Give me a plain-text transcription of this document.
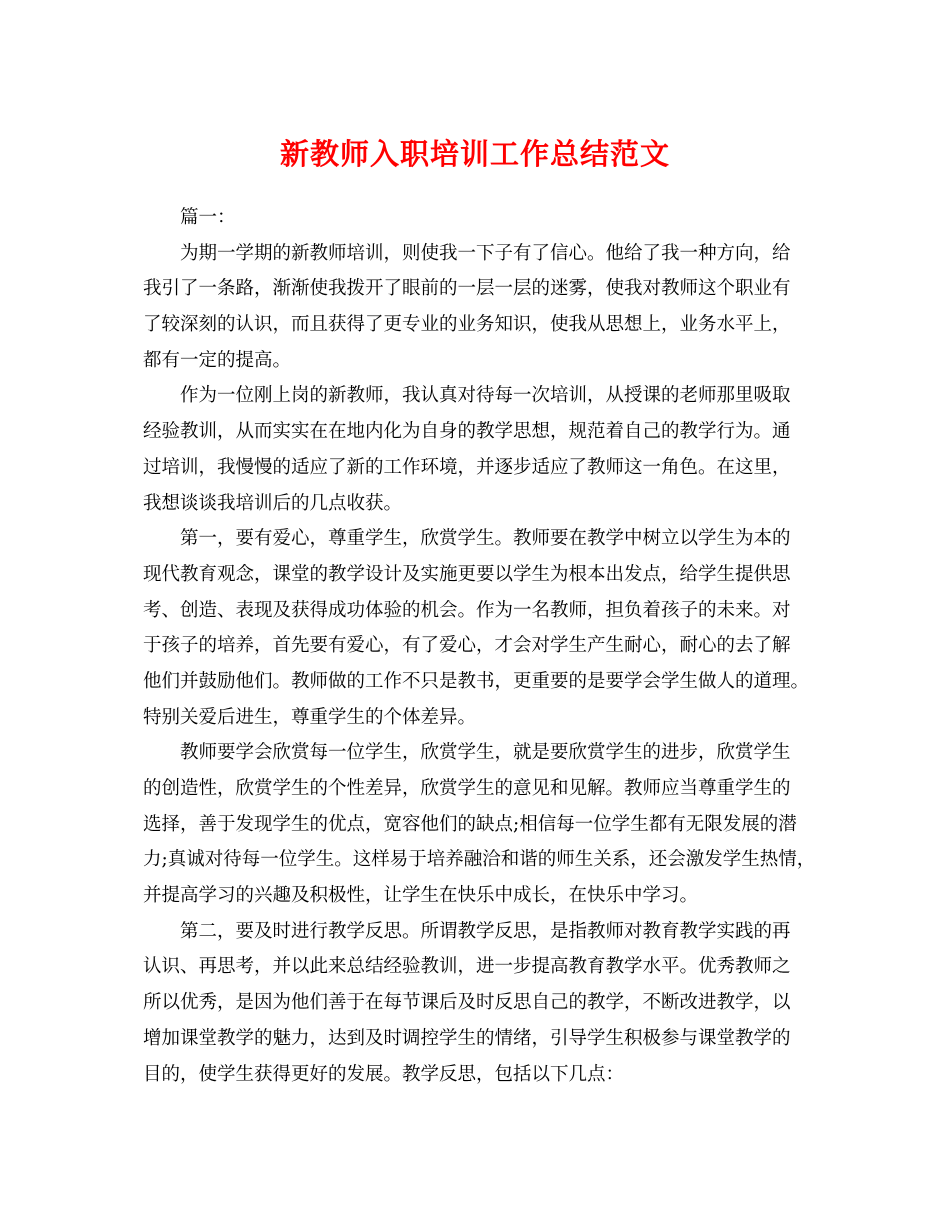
新教师入职培训工作总结范文
篇一：
为期一学期的新教师培训，则使我一下子有了信心。他给了我一种方向，给
我引了一条路，渐渐使我拨开了眼前的一层一层的迷雾，使我对教师这个职业有
了较深刻的认识，而且获得了更专业的业务知识，使我从思想上，业务水平上，
都有一定的提高。
作为一位刚上岗的新教师，我认真对待每一次培训，从授课的老师那里吸取
经验教训，从而实实在在地内化为自身的教学思想，规范着自己的教学行为。通
过培训，我慢慢的适应了新的工作环境，并逐步适应了教师这一角色。在这里，
我想谈谈我培训后的几点收获。
第一，要有爱心，尊重学生，欣赏学生。教师要在教学中树立以学生为本的
现代教育观念，课堂的教学设计及实施更要以学生为根本出发点，给学生提供思
考、创造、表现及获得成功体验的机会。作为一名教师，担负着孩子的未来。对
于孩子的培养，首先要有爱心，有了爱心，才会对学生产生耐心，耐心的去了解
他们并鼓励他们。教师做的工作不只是教书，更重要的是要学会学生做人的道理。
特别关爱后进生，尊重学生的个体差异。
教师要学会欣赏每一位学生，欣赏学生，就是要欣赏学生的进步，欣赏学生
的创造性，欣赏学生的个性差异，欣赏学生的意见和见解。教师应当尊重学生的
选择，善于发现学生的优点，宽容他们的缺点;相信每一位学生都有无限发展的潜
力;真诚对待每一位学生。这样易于培养融洽和谐的师生关系，还会激发学生热情，
并提高学习的兴趣及积极性，让学生在快乐中成长，在快乐中学习。
第二，要及时进行教学反思。所谓教学反思，是指教师对教育教学实践的再
认识、再思考，并以此来总结经验教训，进一步提高教育教学水平。优秀教师之
所以优秀，是因为他们善于在每节课后及时反思自己的教学，不断改进教学，以
增加课堂教学的魅力，达到及时调控学生的情绪，引导学生积极参与课堂教学的
目的，使学生获得更好的发展。教学反思，包括以下几点：
